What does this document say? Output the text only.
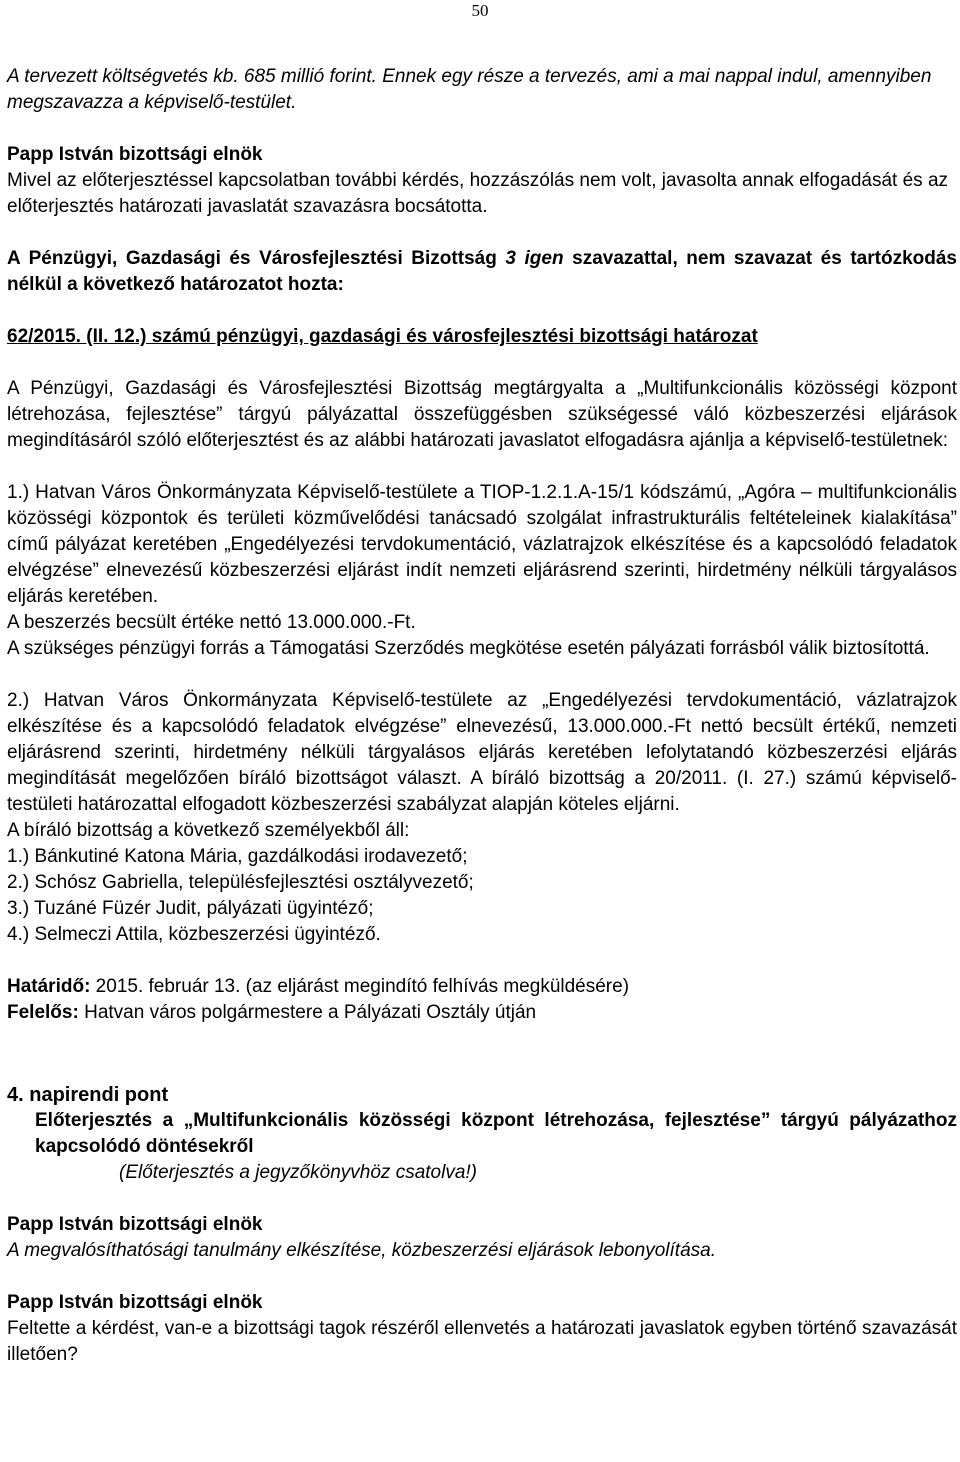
50

A tervezett költségvetés kb. 685 millió forint. Ennek egy része a tervezés, ami a mai nappal indul, amennyiben megszavazza a képviselő-testület.

Papp István bizottsági elnök

Mivel az előterjesztéssel kapcsolatban további kérdés, hozzászólás nem volt, javasolta annak elfogadását és az előterjesztés határozati javaslatát szavazásra bocsátotta.

A Pénzügyi, Gazdasági és Városfejlesztési Bizottság 3 igen szavazattal, nem szavazat és tartózkodás nélkül a következő határozatot hozta:

62/2015. (II. 12.) számú pénzügyi, gazdasági és városfejlesztési bizottsági határozat

A Pénzügyi, Gazdasági és Városfejlesztési Bizottság megtárgyalta a „Multifunkcionális közösségi központ létrehozása, fejlesztése” tárgyú pályázattal összefüggésben szükségessé váló közbeszerzési eljárások megindításáról szóló előterjesztést és az alábbi határozati javaslatot elfogadásra ajánlja a képviselő-testületnek:

1.) Hatvan Város Önkormányzata Képviselő-testülete a TIOP-1.2.1.A-15/1 kódszámú, „Agóra – multifunkcionális közösségi központok és területi közművelődési tanácsadó szolgálat infrastrukturális feltételeinek kialakítása” című pályázat keretében „Engedélyezési tervdokumentáció, vázlatrajzok elkészítése és a kapcsolódó feladatok elvégzése” elnevezésű közbeszerzési eljárást indít nemzeti eljárásrend szerinti, hirdetmény nélküli tárgyalásos eljárás keretében.

A beszerzés becsült értéke nettó 13.000.000.-Ft.

A szükséges pénzügyi forrás a Támogatási Szerződés megkötése esetén pályázati forrásból válik biztosítottá.

2.) Hatvan Város Önkormányzata Képviselő-testülete az „Engedélyezési tervdokumentáció, vázlatrajzok elkészítése és a kapcsolódó feladatok elvégzése” elnevezésű, 13.000.000.-Ft nettó becsült értékű, nemzeti eljárásrend szerinti, hirdetmény nélküli tárgyalásos eljárás keretében lefolytatandó közbeszerzési eljárás megindítását megelőzően bíráló bizottságot választ. A bíráló bizottság a 20/2011. (I. 27.) számú képviselő-testületi határozattal elfogadott közbeszerzési szabályzat alapján köteles eljárni.

A bíráló bizottság a következő személyekből áll:

1.) Bánkutiné Katona Mária, gazdálkodási irodavezető;

2.) Schósz Gabriella, településfejlesztési osztályvezető;

3.) Tuzáné Füzér Judit, pályázati ügyintéző;

4.) Selmeczi Attila, közbeszerzési ügyintéző.

Határidő: 2015. február 13. (az eljárást megindító felhívás megküldésére)

Felelős: Hatvan város polgármestere a Pályázati Osztály útján

4. napirendi pont

Előterjesztés a „Multifunkcionális közösségi központ létrehozása, fejlesztése” tárgyú pályázathoz kapcsolódó döntésekről

(Előterjesztés a jegyzőkönyvhöz csatolva!)

Papp István bizottsági elnök

A megvalósíthatósági tanulmány elkészítése, közbeszerzési eljárások lebonyolítása.

Papp István bizottsági elnök

Feltette a kérdést, van-e a bizottsági tagok részéről ellenvetés a határozati javaslatok egyben történő szavazását illetően?
